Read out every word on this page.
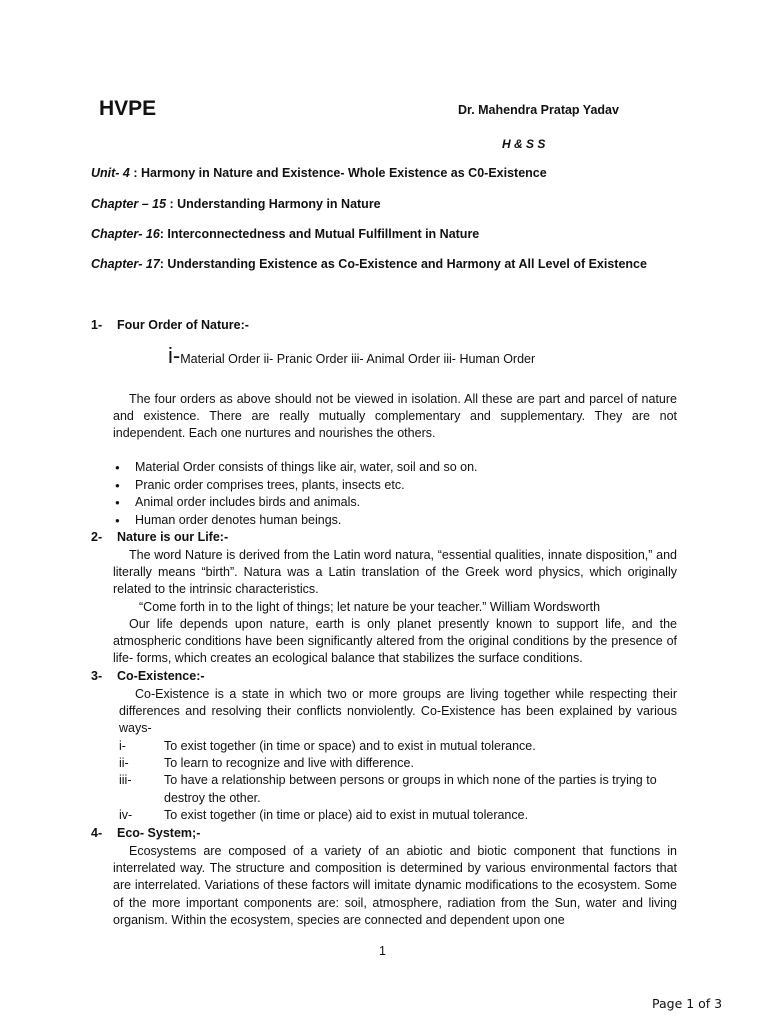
HVPE	Dr. Mahendra Pratap Yadav
H & S S
Unit- 4 : Harmony in Nature and Existence- Whole Existence as C0-Existence
Chapter – 15 : Understanding Harmony in Nature
Chapter- 16: Interconnectedness and Mutual Fulfillment in Nature
Chapter- 17: Understanding Existence as Co-Existence and Harmony at All Level of Existence
1- Four Order of Nature:-
i-Material Order ii- Pranic Order iii- Animal Order iii- Human Order

The four orders as above should not be viewed in isolation. All these are part and parcel of nature and existence. There are really mutually complementary and supplementary. They are not independent. Each one nurtures and nourishes the others.

● Material Order consists of things like air, water, soil and so on.
● Pranic order comprises trees, plants, insects etc.
● Animal order includes birds and animals.
● Human order denotes human beings.
2- Nature is our Life:-

The word Nature is derived from the Latin word natura, “essential qualities, innate disposition,” and literally means “birth”. Natura was a Latin translation of the Greek word physics, which originally related to the intrinsic characteristics.

“Come forth in to the light of things; let nature be your teacher.” William Wordsworth

Our life depends upon nature, earth is only planet presently known to support life, and the atmospheric conditions have been significantly altered from the original conditions by the presence of life- forms, which creates an ecological balance that stabilizes the surface conditions.

3- Co-Existence:-

Co-Existence is a state in which two or more groups are living together while respecting their differences and resolving their conflicts nonviolently. Co-Existence has been explained by various ways-

i-	To exist together (in time or space) and to exist in mutual tolerance.
ii-	To learn to recognize and live with difference.
iii-	To have a relationship between persons or groups in which none of the parties is trying to destroy the other.
iv-	To exist together (in time or place) aid to exist in mutual tolerance.
4- Eco- System;-

Ecosystems are composed of a variety of an abiotic and biotic component that functions in interrelated way. The structure and composition is determined by various environmental factors that are interrelated. Variations of these factors will imitate dynamic modifications to the ecosystem. Some of the more important components are: soil, atmosphere, radiation from the Sun, water and living organism. Within the ecosystem, species are connected and dependent upon one

1
Page 1 of 3
